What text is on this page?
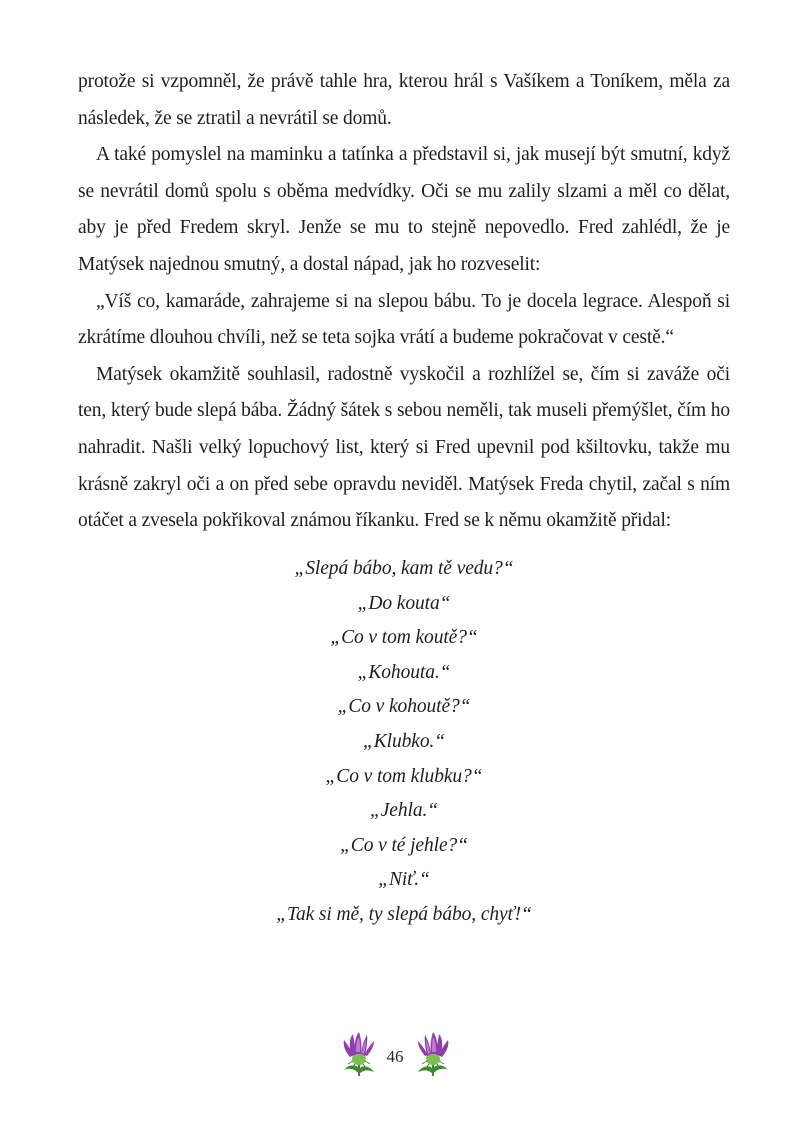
protože si vzpomněl, že právě tahle hra, kterou hrál s Vašíkem a Toníkem, měla za následek, že se ztratil a nevrátil se domů.

A také pomyslel na maminku a tatínka a představil si, jak musejí být smutní, když se nevrátil domů spolu s oběma medvídky. Oči se mu zalily slzami a měl co dělat, aby je před Fredem skryl. Jenže se mu to stejně nepovedlo. Fred zahlédl, že je Matýsek najednou smutný, a dostal nápad, jak ho rozveselit:

„Víš co, kamaráde, zahrajeme si na slepou bábu. To je docela legrace. Alespoň si zkrátíme dlouhou chvíli, než se teta sojka vrátí a budeme pokračovat v cestě.“

Matýsek okamžitě souhlasil, radostně vyskočil a rozhlížel se, čím si zaváže oči ten, který bude slepá bába. Žádný šátek s sebou neměli, tak museli přemýšlet, čím ho nahradit. Našli velký lopuchový list, který si Fred upevnil pod kšiltovku, takže mu krásně zakryl oči a on před sebe opravdu neviděl. Matýsek Freda chytil, začal s ním otáčet a zvesela pokřikoval známou říkanku. Fred se k němu okamžitě přidal:

„Slepá bábo, kam tě vedu?“
„Do kouta“
„Co v tom koutě?“
„Kohouta.“
„Co v kohoutě?“
„Klubko.“
„Co v tom klubku?“
„Jehla.“
„Co v té jehle?“
„Niť.“
„Tak si mě, ty slepá bábo, chyť!“
46
